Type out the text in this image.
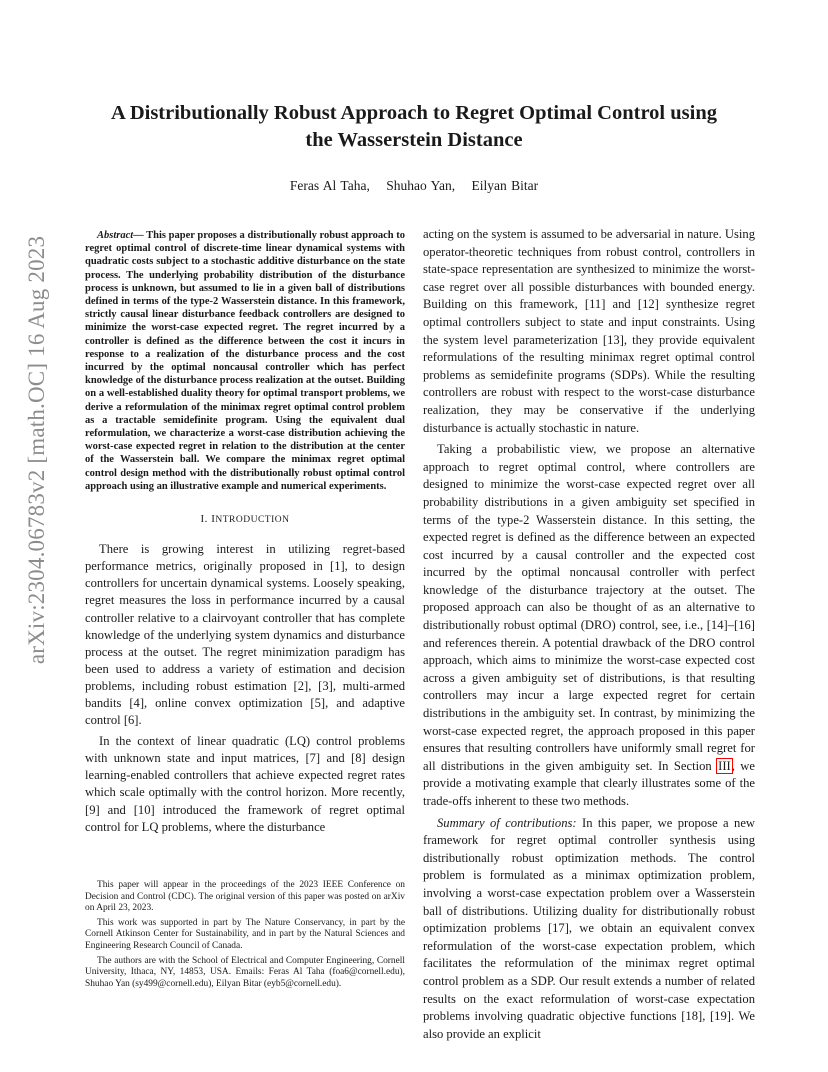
arXiv:2304.06783v2 [math.OC] 16 Aug 2023
A Distributionally Robust Approach to Regret Optimal Control using
the Wasserstein Distance
Feras Al Taha, Shuhao Yan, Eilyan Bitar

Abstract— This paper proposes a distributionally robust approach to regret optimal control of discrete-time linear dynamical systems with quadratic costs subject to a stochastic additive disturbance on the state process. The underlying probability distribution of the disturbance process is unknown, but assumed to lie in a given ball of distributions defined in terms of the type-2 Wasserstein distance. In this framework, strictly causal linear disturbance feedback controllers are designed to minimize the worst-case expected regret. The regret incurred by a controller is defined as the difference between the cost it incurs in response to a realization of the disturbance process and the cost incurred by the optimal noncausal controller which has perfect knowledge of the disturbance process realization at the outset. Building on a well-established duality theory for optimal transport problems, we derive a reformulation of the minimax regret optimal control problem as a tractable semidefinite program. Using the equivalent dual reformulation, we characterize a worst-case distribution achieving the worst-case expected regret in relation to the distribution at the center of the Wasserstein ball. We compare the minimax regret optimal control design method with the distributionally robust optimal control approach using an illustrative example and numerical experiments.

I. INTRODUCTION

There is growing interest in utilizing regret-based performance metrics, originally proposed in [1], to design controllers for uncertain dynamical systems. Loosely speaking, regret measures the loss in performance incurred by a causal controller relative to a clairvoyant controller that has complete knowledge of the underlying system dynamics and disturbance process at the outset. The regret minimization paradigm has been used to address a variety of estimation and decision problems, including robust estimation [2], [3], multi-armed bandits [4], online convex optimization [5], and adaptive control [6].

In the context of linear quadratic (LQ) control problems with unknown state and input matrices, [7] and [8] design learning-enabled controllers that achieve expected regret rates which scale optimally with the control horizon. More recently, [9] and [10] introduced the framework of regret optimal control for LQ problems, where the disturbance

This paper will appear in the proceedings of the 2023 IEEE Conference on Decision and Control (CDC). The original version of this paper was posted on arXiv on April 23, 2023.

This work was supported in part by The Nature Conservancy, in part by the Cornell Atkinson Center for Sustainability, and in part by the Natural Sciences and Engineering Research Council of Canada.

The authors are with the School of Electrical and Computer Engineering, Cornell University, Ithaca, NY, 14853, USA. Emails: Feras Al Taha (foa6@cornell.edu), Shuhao Yan (sy499@cornell.edu), Eilyan Bitar (eyb5@cornell.edu).

acting on the system is assumed to be adversarial in nature. Using operator-theoretic techniques from robust control, controllers in state-space representation are synthesized to minimize the worst-case regret over all possible disturbances with bounded energy. Building on this framework, [11] and [12] synthesize regret optimal controllers subject to state and input constraints. Using the system level parameterization [13], they provide equivalent reformulations of the resulting minimax regret optimal control problems as semidefinite programs (SDPs). While the resulting controllers are robust with respect to the worst-case disturbance realization, they may be conservative if the underlying disturbance is actually stochastic in nature.

Taking a probabilistic view, we propose an alternative approach to regret optimal control, where controllers are designed to minimize the worst-case expected regret over all probability distributions in a given ambiguity set specified in terms of the type-2 Wasserstein distance. In this setting, the expected regret is defined as the difference between an expected cost incurred by a causal controller and the expected cost incurred by the optimal noncausal controller with perfect knowledge of the disturbance trajectory at the outset. The proposed approach can also be thought of as an alternative to distributionally robust optimal (DRO) control, see, i.e., [14]–[16] and references therein. A potential drawback of the DRO control approach, which aims to minimize the worst-case expected cost across a given ambiguity set of distributions, is that resulting controllers may incur a large expected regret for certain distributions in the ambiguity set. In contrast, by minimizing the worst-case expected regret, the approach proposed in this paper ensures that resulting controllers have uniformly small regret for all distributions in the given ambiguity set. In Section III, we provide a motivating example that clearly illustrates some of the trade-offs inherent to these two methods.

Summary of contributions: In this paper, we propose a new framework for regret optimal controller synthesis using distributionally robust optimization methods. The control problem is formulated as a minimax optimization problem, involving a worst-case expectation problem over a Wasserstein ball of distributions. Utilizing duality for distributionally robust optimization problems [17], we obtain an equivalent convex reformulation of the worst-case expectation problem, which facilitates the reformulation of the minimax regret optimal control problem as a SDP. Our result extends a number of related results on the exact reformulation of worst-case expectation problems involving quadratic objective functions [18], [19]. We also provide an explicit
